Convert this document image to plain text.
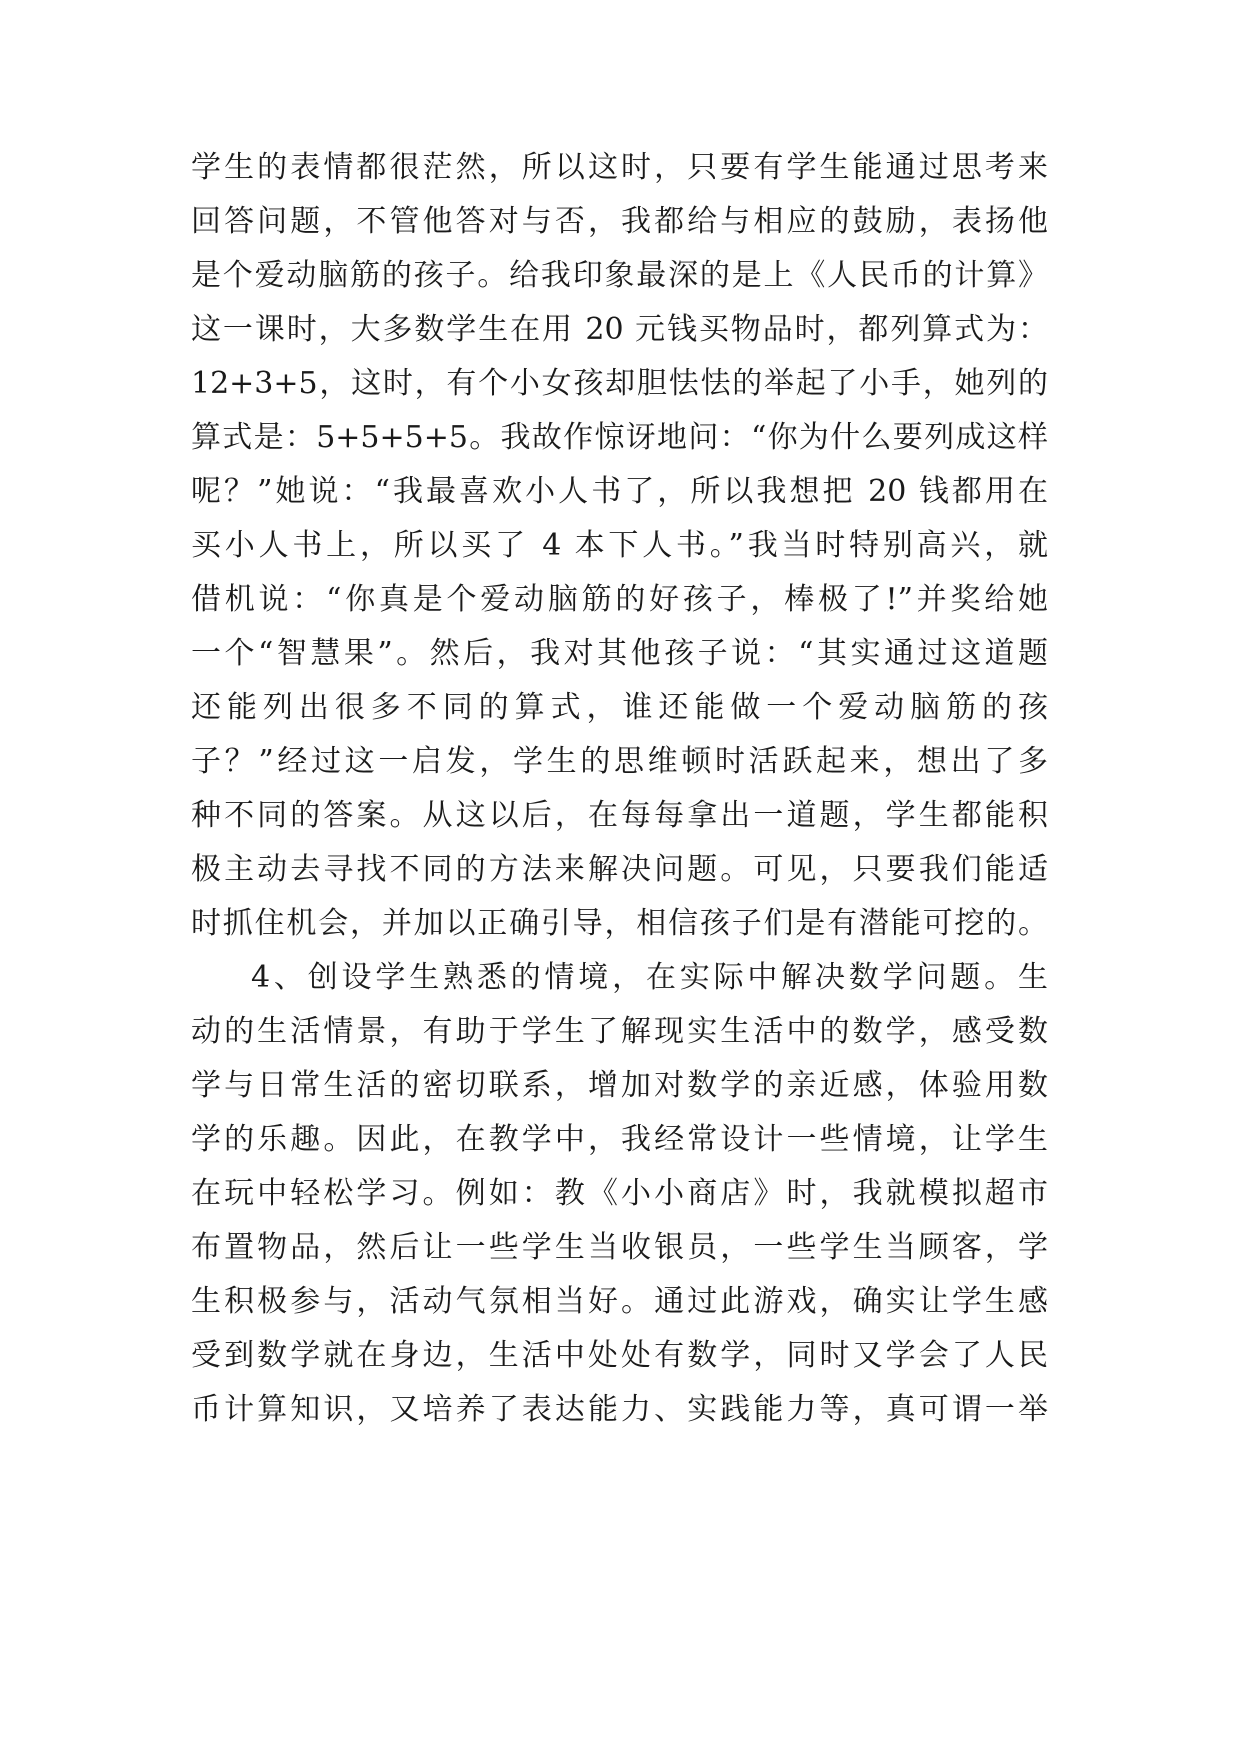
学生的表情都很茫然，所以这时，只要有学生能通过思考来
回答问题，不管他答对与否，我都给与相应的鼓励，表扬他
是个爱动脑筋的孩子。给我印象最深的是上《人民币的计算》
这一课时，大多数学生在用 20 元钱买物品时，都列算式为：
12+3+5，这时，有个小女孩却胆怯怯的举起了小手，她列的
算式是：5+5+5+5。我故作惊讶地问：“你为什么要列成这样
呢？”她说：“我最喜欢小人书了，所以我想把 20 钱都用在
买小人书上，所以买了 4 本下人书。”我当时特别高兴，就
借机说：“你真是个爱动脑筋的好孩子，棒极了!”并奖给她
一个“智慧果”。然后，我对其他孩子说：“其实通过这道题
还能列出很多不同的算式，谁还能做一个爱动脑筋的孩
子？”经过这一启发，学生的思维顿时活跃起来，想出了多
种不同的答案。从这以后，在每每拿出一道题，学生都能积
极主动去寻找不同的方法来解决问题。可见，只要我们能适
时抓住机会，并加以正确引导，相信孩子们是有潜能可挖的。
4、创设学生熟悉的情境，在实际中解决数学问题。生
动的生活情景，有助于学生了解现实生活中的数学，感受数
学与日常生活的密切联系，增加对数学的亲近感，体验用数
学的乐趣。因此，在教学中，我经常设计一些情境，让学生
在玩中轻松学习。例如：教《小小商店》时，我就模拟超市
布置物品，然后让一些学生当收银员，一些学生当顾客，学
生积极参与，活动气氛相当好。通过此游戏，确实让学生感
受到数学就在身边，生活中处处有数学，同时又学会了人民
币计算知识，又培养了表达能力、实践能力等，真可谓一举
